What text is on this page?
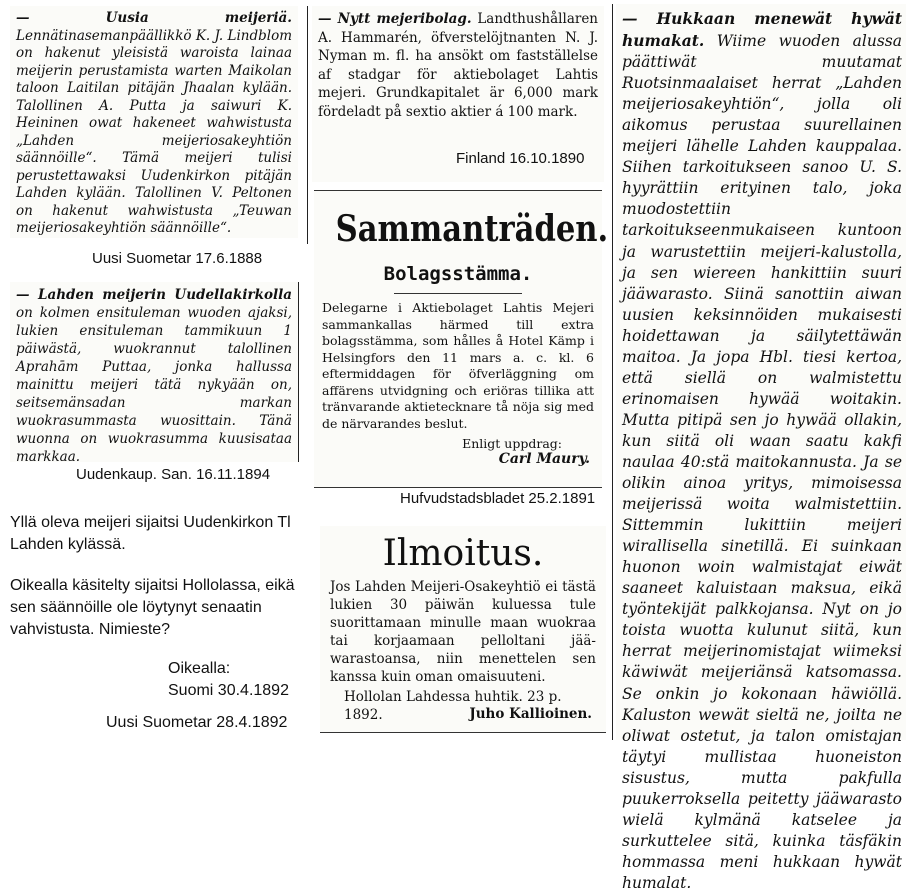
— Uusia meijeriä. Lennätinasemanpäällikkö K. J. Lindblom on hakenut yleisistä waroista lainaa meijerin perustamista warten Maikolan taloon Laitilan pitäjän Jhaalan kylään. Talollinen A. Putta ja saiwuri K. Heininen owat hakeneet wahwistusta „Lahden meijeriosakeyhtiön säännöille“. Tämä meijeri tulisi perustettawaksi Uudenkirkon pitäjän Lahden kylään. Talollinen V. Peltonen on hakenut wahwistusta „Teuwan meijeriosakeyhtiön säännöille“.

Uusi Suometar 17.6.1888

— Nytt mejeribolag. Landthushållaren A. Hammarén, öfverstelöjtnanten N. J. Nyman m. fl. ha ansökt om fastställelse af stadgar för aktiebolaget Lahtis mejeri. Grundkapitalet är 6,000 mark fördeladt på sextio aktier á 100 mark.

Finland 16.10.1890

— Lahden meijerin Uudellakirkolla on kolmen ensituleman wuoden ajaksi, lukien ensituleman tammikuun 1 päiwästä, wuokrannut talollinen Aprahām Puttaa, jonka hallussa mainittu meijeri tätä nykyään on, seitsemänsadan markan wuokrasummasta wuosittain. Tänä wuonna on wuokrasumma kuusisataa markkaa.

Uudenkaup. San. 16.11.1894
Sammanträden.
Bolagsstämma.

Delegarne i Aktiebolaget Lahtis Mejeri sammankallas härmed till extra bolagsstämma, som hålles å Hotel Kämp i Helsingfors den 11 mars a. c. kl. 6 eftermiddagen för öfverläggning om affärens utvidgning och eriöras tillika att tränvarande aktietecknare tå nöja sig med de närvarandes beslut.

Enligt uppdrag:
Carl Maury.
Hufvudstadsbladet 25.2.1891
Yllä oleva meijeri sijaitsi Uudenkirkon Tl Lahden kylässä.
Oikealla käsitelty sijaitsi Hollolassa, eikä sen säännöille ole löytynyt senaatin vahvistusta. Nimieste?
Oikealla:
Suomi 30.4.1892
Uusi Suometar 28.4.1892
Ilmoitus.

Jos Lahden Meijeri-Osakeyhtiö ei tästä lukien 30 päiwän kuluessa tule suorittamaan minulle maan wuokraa tai korjaamaan pelloltani jää-warastoansa, niin menettelen sen kanssa kuin oman omaisuuteni.

Hollolan Lahdessa huhtik. 23 p. 1892.	Juho Kallioinen.

— Hukkaan menewät hywät humakat. Wiime wuoden alussa päättiwät muutamat Ruotsinmaalaiset herrat „Lahden meijeriosakeyhtiön“, jolla oli aikomus perustaa suurellainen meijeri lähelle Lahden kauppalaa. Siihen tarkoitukseen sanoo U. S. hyyrättiin erityinen talo, joka muodostettiin tarkoitukseenmukaiseen kuntoon ja warustettiin meijeri-kalustolla, ja sen wiereen hankittiin suuri jääwarasto. Siinä sanottiin aiwan uusien keksinnöiden mukaisesti hoidettawan ja säilytettäwän maitoa. Ja jopa Hbl. tiesi kertoa, että siellä on walmistettu erinomaisen hywää woitakin. Mutta pitipä sen jo hywää ollakin, kun siitä oli waan saatu kakfi naulaa 40:stä maitokannusta. Ja se olikin ainoa yritys, mimoisessa meijerissä woita walmistettiin. Sittemmin lukittiin meijeri wirallisella sinetillä. Ei suinkaan huonon woin walmistajat eiwät saaneet kaluistaan maksua, eikä työntekijät palkkojansa. Nyt on jo toista wuotta kulunut siitä, kun herrat meijerinomistajat wiimeksi käwiwät meijeriänsä katsomassa. Se onkin jo kokonaan häwiöllä. Kaluston wewät sieltä ne, joilta ne oliwat ostetut, ja talon omistajan täytyi mullistaa huoneiston sisustus, mutta pakfulla puukerroksella peitetty jääwarasto wielä kylmänä katselee ja surkuttelee sitä, kuinka täsfäkin hommassa meni hukkaan hywät humalat.
